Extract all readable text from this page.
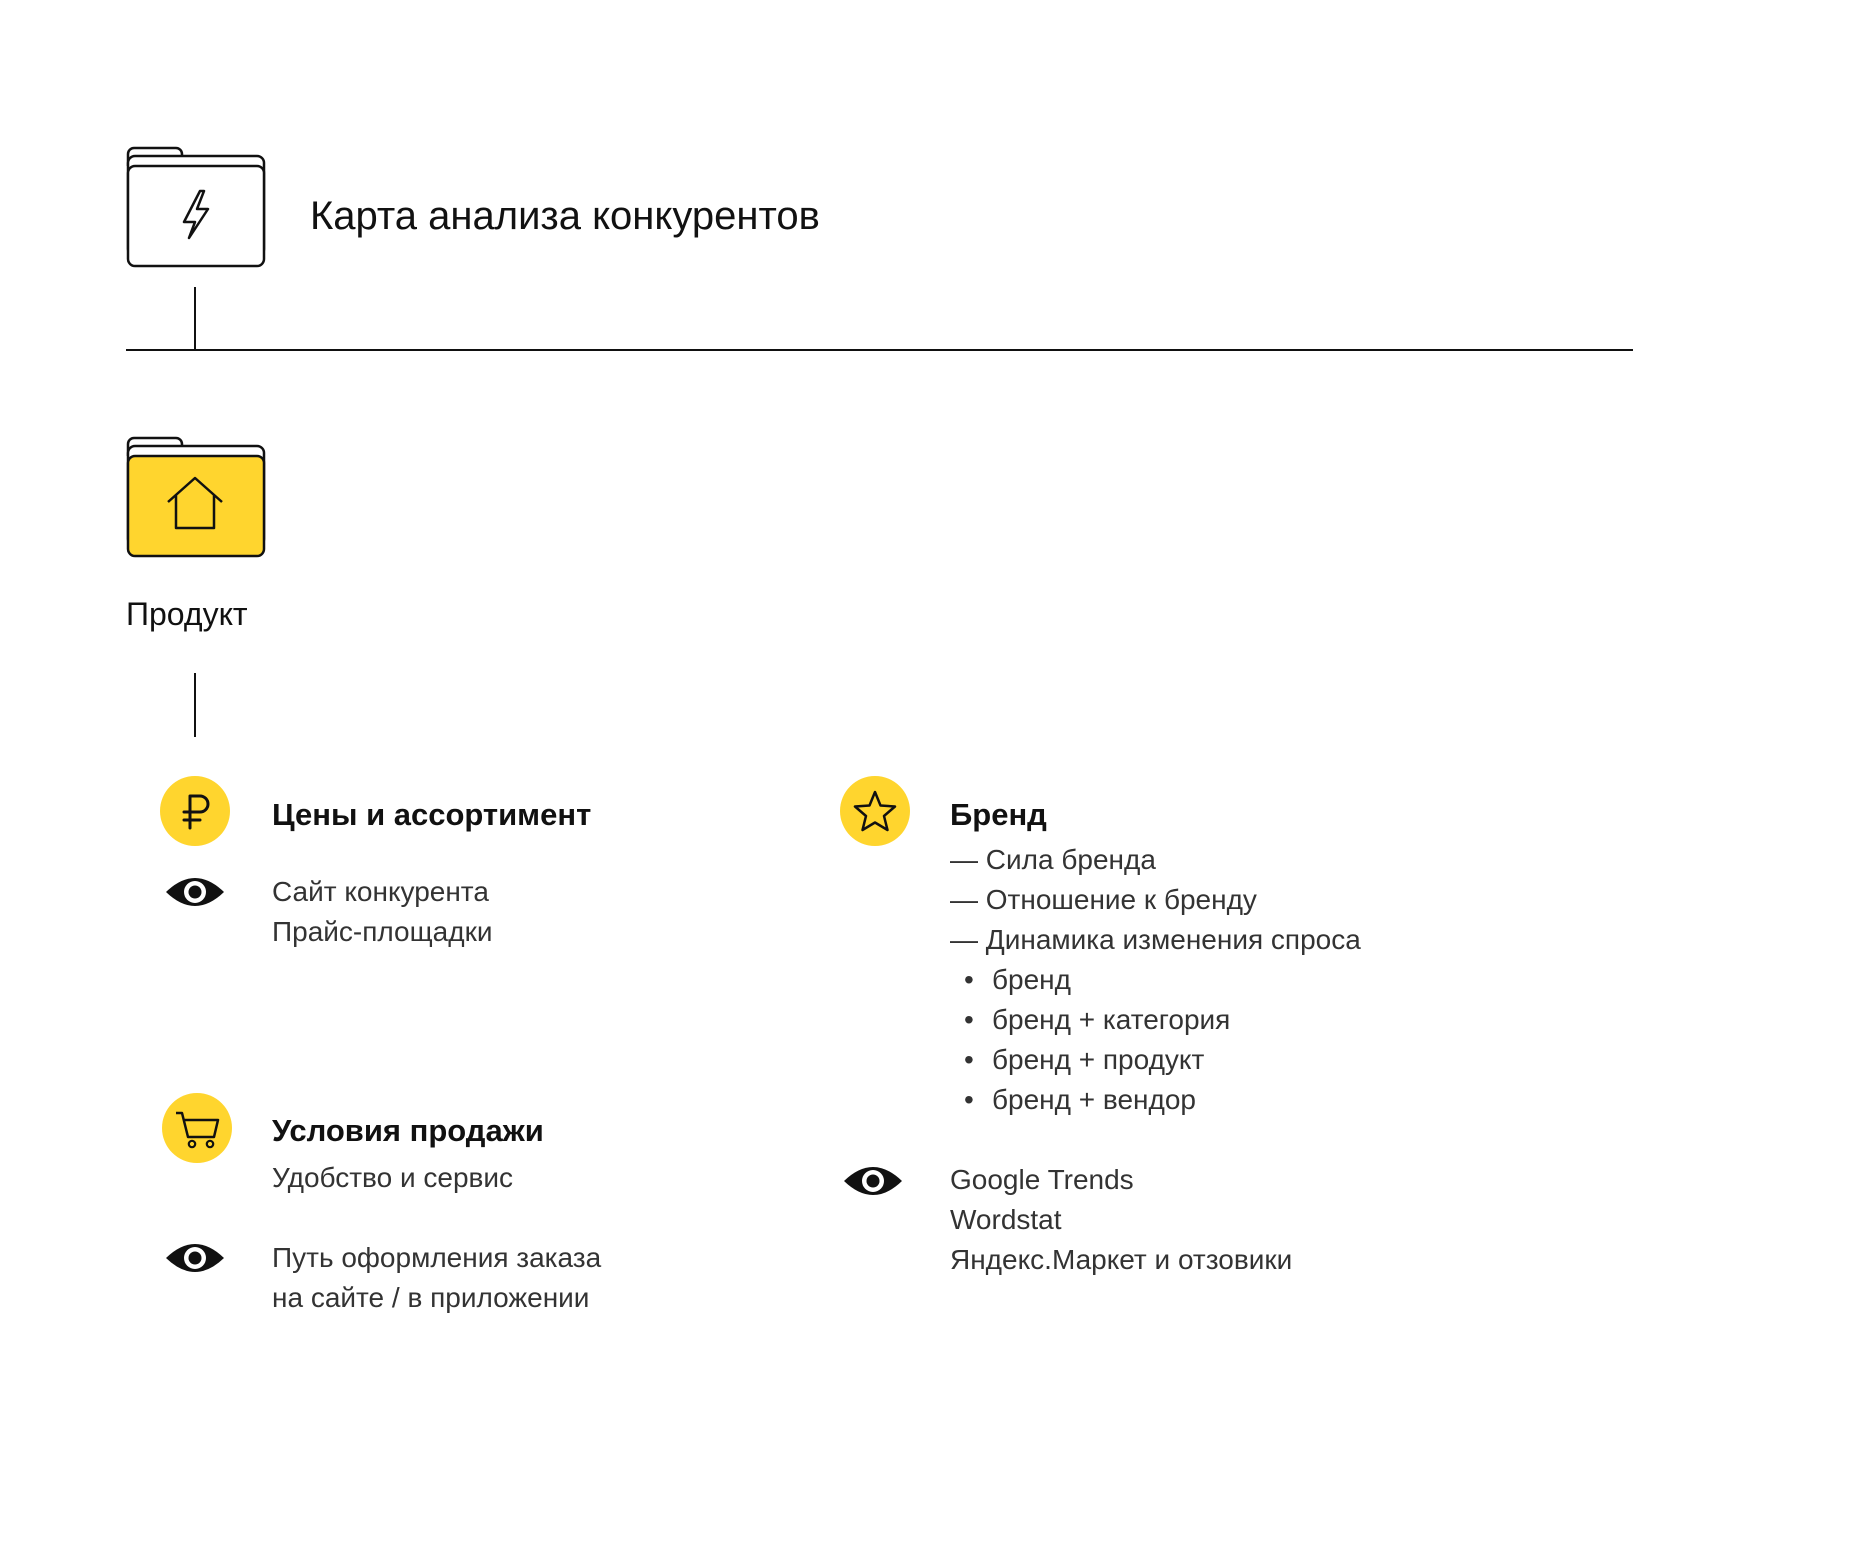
Карта анализа конкурентов
Продукт
Цены и ассортимент
Сайт конкурента
Прайс-площадки
Условия продажи
Удобство и сервис
Путь оформления заказа
на сайте / в приложении
Бренд
— Сила бренда
— Отношение к бренду
— Динамика изменения спроса
• бренд
• бренд + категория
• бренд + продукт
• бренд + вендор
Google Trends
Wordstat
Яндекс.Маркет и отзовики
